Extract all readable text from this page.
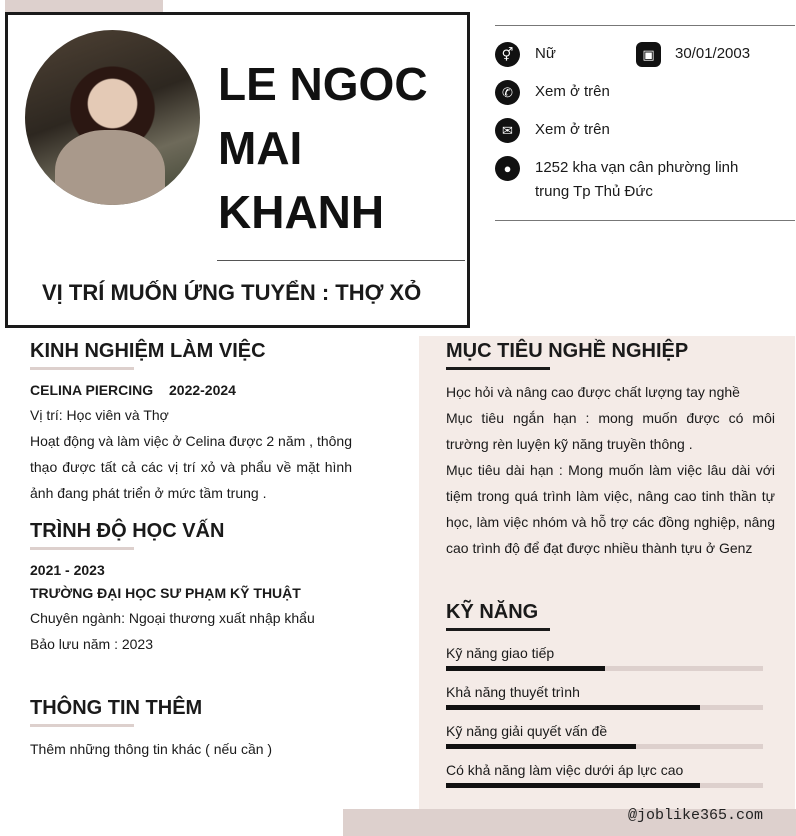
LE NGOC MAI KHANH
VỊ TRÍ MUỐN ỨNG TUYỂN : THỢ XỎ
⚥	Nữ	▣	30/01/2003
✆	Xem ở trên
✉	Xem ở trên
●	1252 kha vạn cân phường linh
trung Tp Thủ Đức
KINH NGHIỆM LÀM VIỆC
CELINA PIERCING 2022-2024
Vị trí: Học viên và Thợ
Hoạt động và làm việc ở Celina được 2 năm , thông thạo được tất cả các vị trí xỏ và phẩu về mặt hình ảnh đang phát triển ở mức tầm trung .
TRÌNH ĐỘ HỌC VẤN
2021 - 2023
TRƯỜNG ĐẠI HỌC SƯ PHẠM KỸ THUẬT
Chuyên ngành: Ngoại thương xuất nhập khẩu
Bảo lưu năm : 2023
THÔNG TIN THÊM
Thêm những thông tin khác ( nếu cần )
MỤC TIÊU NGHỀ NGHIỆP
Học hỏi và nâng cao được chất lượng tay nghề
Mục tiêu ngắn hạn : mong muốn được có môi trường rèn luyện kỹ năng truyền thông .
Mục tiêu dài hạn : Mong muốn làm việc lâu dài với tiệm trong quá trình làm việc, nâng cao tinh thần tự học, làm việc nhóm và hỗ trợ các đồng nghiệp, nâng cao trình độ để đạt được nhiều thành tựu ở Genz
KỸ NĂNG
Kỹ năng giao tiếp
Khả năng thuyết trình
Kỹ năng giải quyết vấn đề
Có khả năng làm việc dưới áp lực cao
@joblike365.com
